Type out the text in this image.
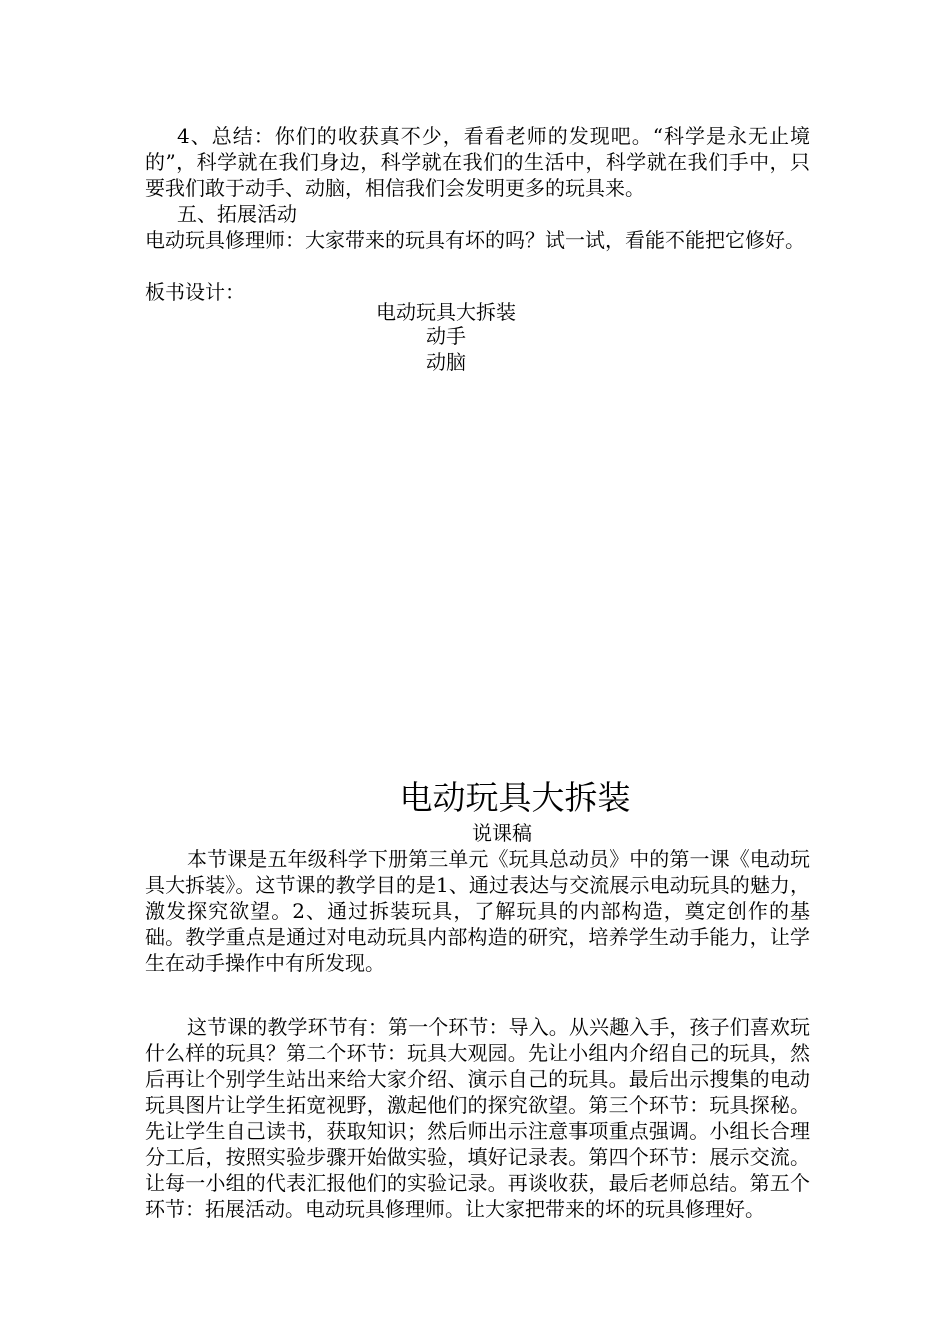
4、总结：你们的收获真不少，看看老师的发现吧。“科学是永无止境的”，科学就在我们身边，科学就在我们的生活中，科学就在我们手中，只要我们敢于动手、动脑，相信我们会发明更多的玩具来。

五、拓展活动

电动玩具修理师：大家带来的玩具有坏的吗？试一试，看能不能把它修好。

板书设计：

电动玩具大拆装

动手

动脑

电动玩具大拆装

说课稿

本节课是五年级科学下册第三单元《玩具总动员》中的第一课《电动玩具大拆装》。这节课的教学目的是1、通过表达与交流展示电动玩具的魅力，激发探究欲望。2、通过拆装玩具，了解玩具的内部构造，奠定创作的基础。教学重点是通过对电动玩具内部构造的研究，培养学生动手能力，让学生在动手操作中有所发现。

这节课的教学环节有：第一个环节：导入。从兴趣入手，孩子们喜欢玩什么样的玩具？第二个环节：玩具大观园。先让小组内介绍自己的玩具，然后再让个别学生站出来给大家介绍、演示自己的玩具。最后出示搜集的电动玩具图片让学生拓宽视野，激起他们的探究欲望。第三个环节：玩具探秘。先让学生自己读书，获取知识；然后师出示注意事项重点强调。小组长合理分工后，按照实验步骤开始做实验，填好记录表。第四个环节：展示交流。让每一小组的代表汇报他们的实验记录。再谈收获，最后老师总结。第五个环节：拓展活动。电动玩具修理师。让大家把带来的坏的玩具修理好。
